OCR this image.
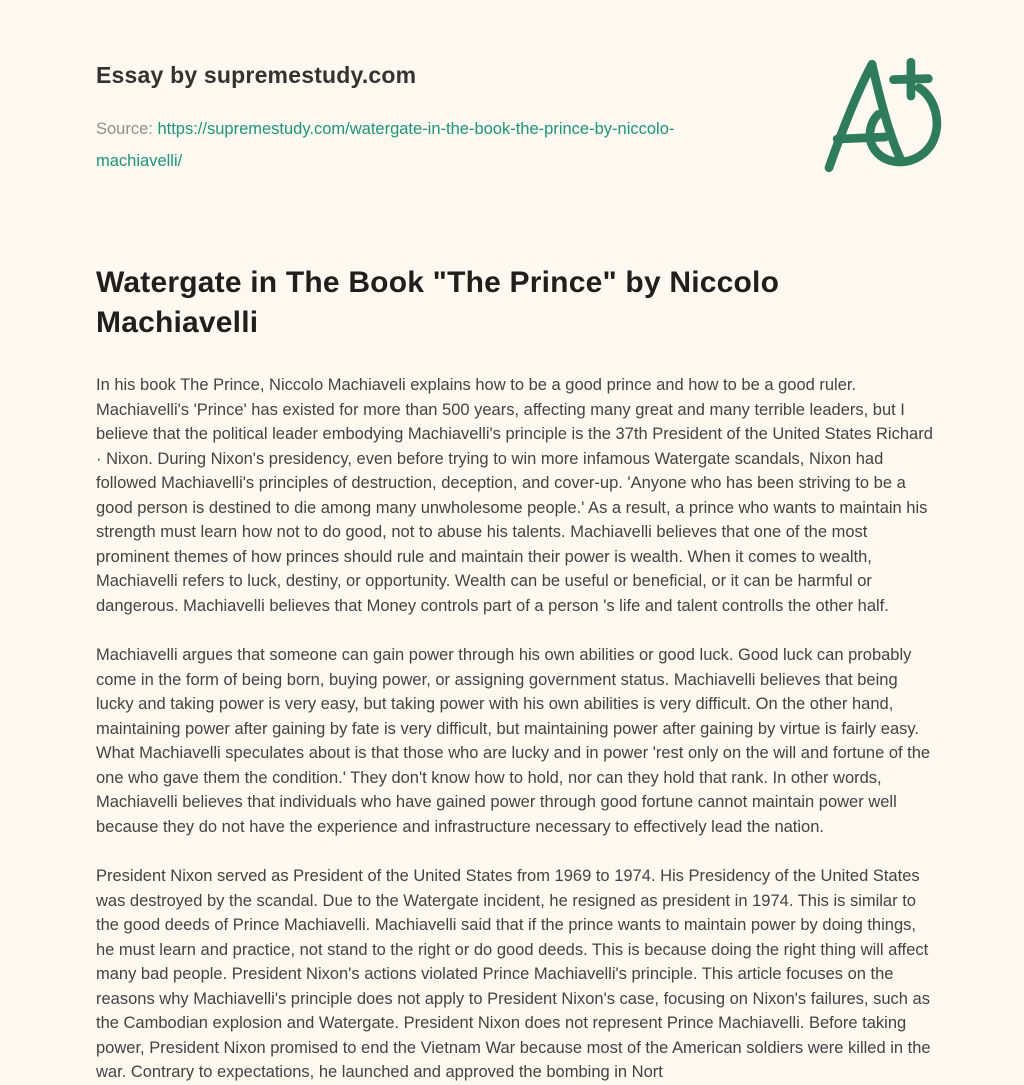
Essay by supremestudy.com

Source: https://supremestudy.com/watergate-in-the-book-the-prince-by-niccolo-machiavelli/

Watergate in The Book "The Prince" by Niccolo Machiavelli

In his book The Prince, Niccolo Machiaveli explains how to be a good prince and how to be a good ruler. Machiavelli's 'Prince' has existed for more than 500 years, affecting many great and many terrible leaders, but I believe that the political leader embodying Machiavelli's principle is the 37th President of the United States Richard · Nixon. During Nixon's presidency, even before trying to win more infamous Watergate scandals, Nixon had followed Machiavelli's principles of destruction, deception, and cover-up. 'Anyone who has been striving to be a good person is destined to die among many unwholesome people.' As a result, a prince who wants to maintain his strength must learn how not to do good, not to abuse his talents. Machiavelli believes that one of the most prominent themes of how princes should rule and maintain their power is wealth. When it comes to wealth, Machiavelli refers to luck, destiny, or opportunity. Wealth can be useful or beneficial, or it can be harmful or dangerous. Machiavelli believes that Money controls part of a person 's life and talent controlls the other half.

Machiavelli argues that someone can gain power through his own abilities or good luck. Good luck can probably come in the form of being born, buying power, or assigning government status. Machiavelli believes that being lucky and taking power is very easy, but taking power with his own abilities is very difficult. On the other hand, maintaining power after gaining by fate is very difficult, but maintaining power after gaining by virtue is fairly easy. What Machiavelli speculates about is that those who are lucky and in power 'rest only on the will and fortune of the one who gave them the condition.' They don't know how to hold, nor can they hold that rank. In other words, Machiavelli believes that individuals who have gained power through good fortune cannot maintain power well because they do not have the experience and infrastructure necessary to effectively lead the nation.

President Nixon served as President of the United States from 1969 to 1974. His Presidency of the United States was destroyed by the scandal. Due to the Watergate incident, he resigned as president in 1974. This is similar to the good deeds of Prince Machiavelli. Machiavelli said that if the prince wants to maintain power by doing things, he must learn and practice, not stand to the right or do good deeds. This is because doing the right thing will affect many bad people. President Nixon's actions violated Prince Machiavelli's principle. This article focuses on the reasons why Machiavelli's principle does not apply to President Nixon's case, focusing on Nixon's failures, such as the Cambodian explosion and Watergate. President Nixon does not represent Prince Machiavelli. Before taking power, President Nixon promised to end the Vietnam War because most of the American soldiers were killed in the war. Contrary to expectations, he launched and approved the bombing in Nort
